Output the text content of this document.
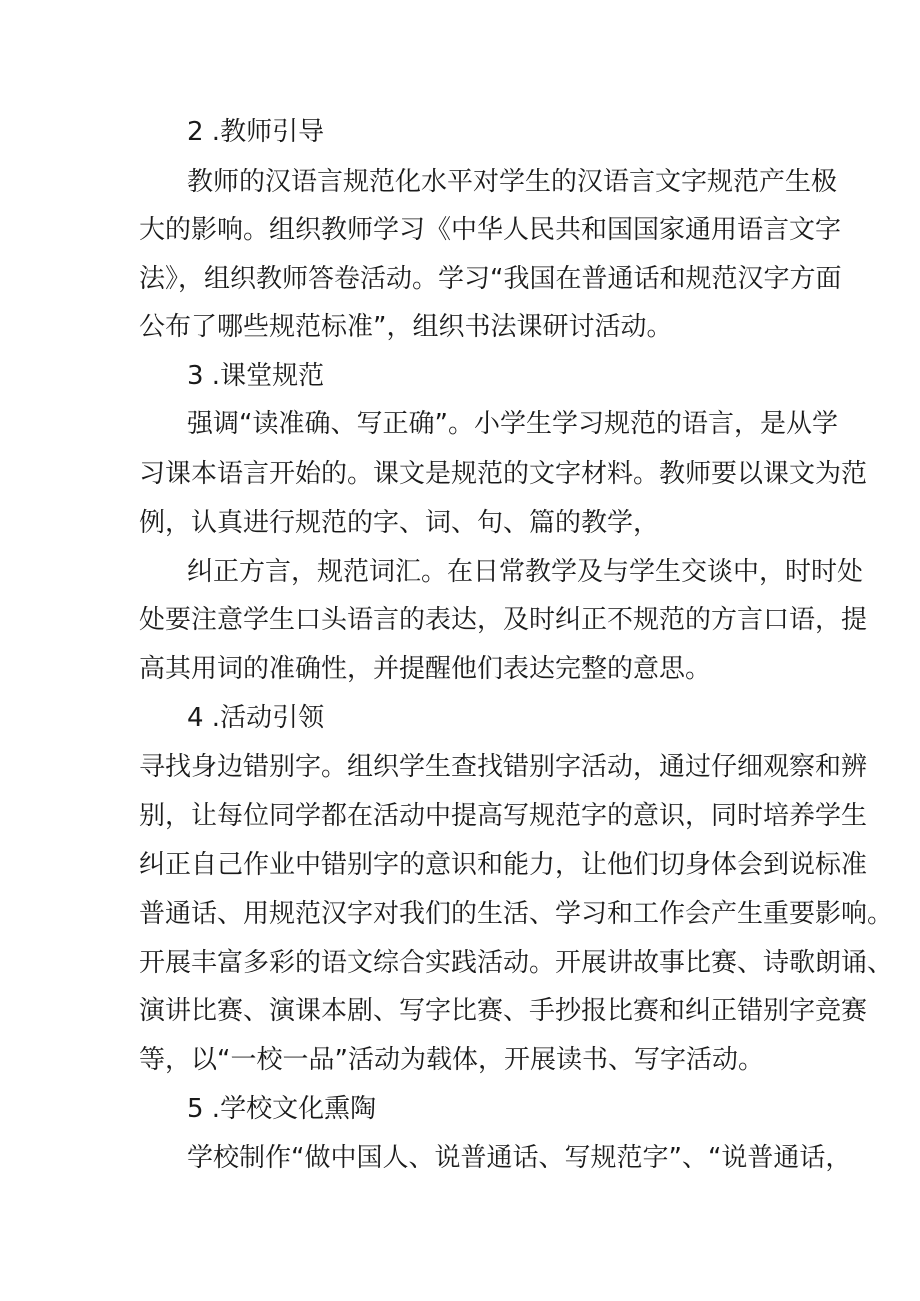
2 .教师引导
教师的汉语言规范化水平对学生的汉语言文字规范产生极
大的影响。组织教师学习《中华人民共和国国家通用语言文字
法》，组织教师答卷活动。学习“我国在普通话和规范汉字方面
公布了哪些规范标准”，组织书法课研讨活动。
3 .课堂规范
强调“读准确、写正确”。小学生学习规范的语言，是从学
习课本语言开始的。课文是规范的文字材料。教师要以课文为范
例，认真进行规范的字、词、句、篇的教学，
纠正方言，规范词汇。在日常教学及与学生交谈中，时时处
处要注意学生口头语言的表达，及时纠正不规范的方言口语，提
高其用词的准确性，并提醒他们表达完整的意思。
4 .活动引领
寻找身边错别字。组织学生查找错别字活动，通过仔细观察和辨
别，让每位同学都在活动中提高写规范字的意识，同时培养学生
纠正自己作业中错别字的意识和能力，让他们切身体会到说标准
普通话、用规范汉字对我们的生活、学习和工作会产生重要影响。
开展丰富多彩的语文综合实践活动。开展讲故事比赛、诗歌朗诵、
演讲比赛、演课本剧、写字比赛、手抄报比赛和纠正错别字竞赛
等，以“一校一品”活动为载体，开展读书、写字活动。
5 .学校文化熏陶
学校制作“做中国人、说普通话、写规范字”、“说普通话，
